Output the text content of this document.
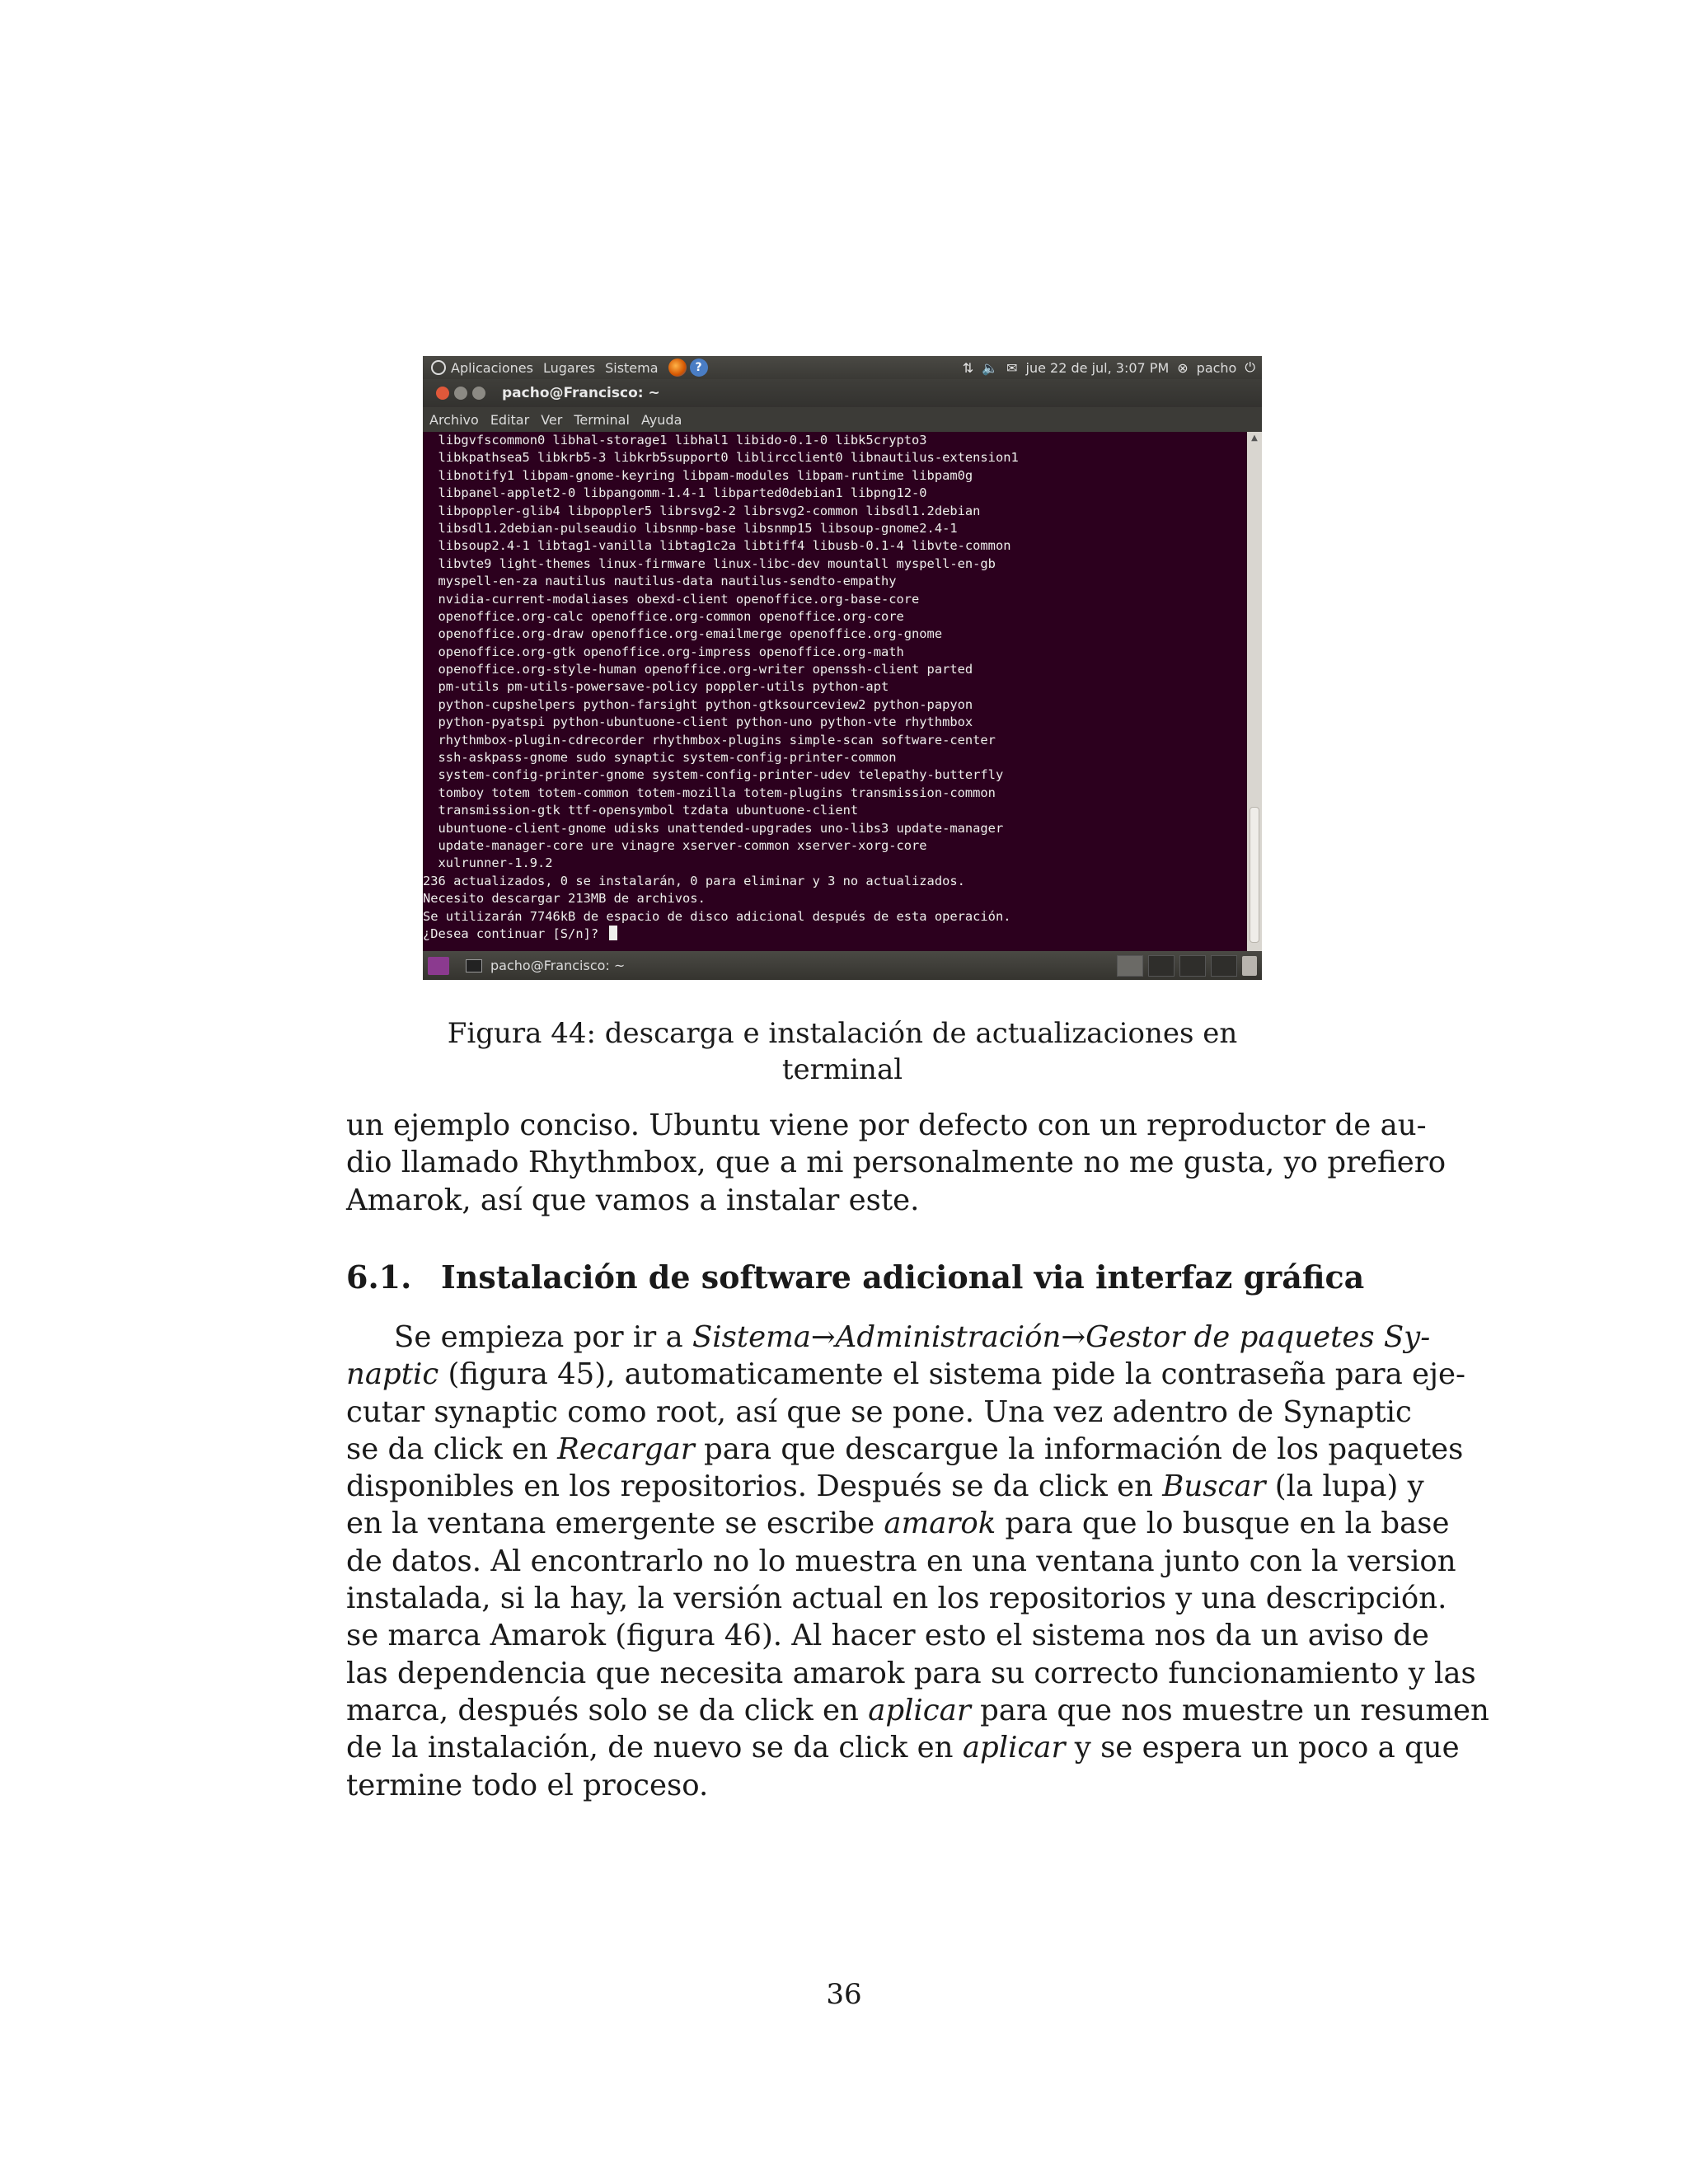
Aplicaciones Lugares Sistema	?	⇅ 🔈 ✉ jue 22 de jul, 3:07 PM ⊗ pacho ⏻
pacho@Francisco: ~
Archivo Editar Ver Terminal Ayuda
libgvfscommon0 libhal-storage1 libhal1 libido-0.1-0 libk5crypto3
libkpathsea5 libkrb5-3 libkrb5support0 liblircclient0 libnautilus-extension1
libnotify1 libpam-gnome-keyring libpam-modules libpam-runtime libpam0g
libpanel-applet2-0 libpangomm-1.4-1 libparted0debian1 libpng12-0
libpoppler-glib4 libpoppler5 librsvg2-2 librsvg2-common libsdl1.2debian
libsdl1.2debian-pulseaudio libsnmp-base libsnmp15 libsoup-gnome2.4-1
libsoup2.4-1 libtag1-vanilla libtag1c2a libtiff4 libusb-0.1-4 libvte-common
libvte9 light-themes linux-firmware linux-libc-dev mountall myspell-en-gb
myspell-en-za nautilus nautilus-data nautilus-sendto-empathy
nvidia-current-modaliases obexd-client openoffice.org-base-core
openoffice.org-calc openoffice.org-common openoffice.org-core
openoffice.org-draw openoffice.org-emailmerge openoffice.org-gnome
openoffice.org-gtk openoffice.org-impress openoffice.org-math
openoffice.org-style-human openoffice.org-writer openssh-client parted
pm-utils pm-utils-powersave-policy poppler-utils python-apt
python-cupshelpers python-farsight python-gtksourceview2 python-papyon
python-pyatspi python-ubuntuone-client python-uno python-vte rhythmbox
rhythmbox-plugin-cdrecorder rhythmbox-plugins simple-scan software-center
ssh-askpass-gnome sudo synaptic system-config-printer-common
system-config-printer-gnome system-config-printer-udev telepathy-butterfly
tomboy totem totem-common totem-mozilla totem-plugins transmission-common
transmission-gtk ttf-opensymbol tzdata ubuntuone-client
ubuntuone-client-gnome udisks unattended-upgrades uno-libs3 update-manager
update-manager-core ure vinagre xserver-common xserver-xorg-core
xulrunner-1.9.2
236 actualizados, 0 se instalarán, 0 para eliminar y 3 no actualizados.
Necesito descargar 213MB de archivos.
Se utilizarán 7746kB de espacio de disco adicional después de esta operación.
¿Desea continuar [S/n]?
▲
pacho@Francisco: ~
Figura 44: descarga e instalación de actualizaciones en terminal
un ejemplo conciso. Ubuntu viene por defecto con un reproductor de au-
dio llamado Rhythmbox, que a mi personalmente no me gusta, yo prefiero
Amarok, así que vamos a instalar este.
6.1. Instalación de software adicional via interfaz gráfica
Se empieza por ir a Sistema→Administración→Gestor de paquetes Sy-
naptic (figura 45), automaticamente el sistema pide la contraseña para eje-
cutar synaptic como root, así que se pone. Una vez adentro de Synaptic
se da click en Recargar para que descargue la información de los paquetes
disponibles en los repositorios. Después se da click en Buscar (la lupa) y
en la ventana emergente se escribe amarok para que lo busque en la base
de datos. Al encontrarlo no lo muestra en una ventana junto con la version
instalada, si la hay, la versión actual en los repositorios y una descripción.
se marca Amarok (figura 46). Al hacer esto el sistema nos da un aviso de
las dependencia que necesita amarok para su correcto funcionamiento y las
marca, después solo se da click en aplicar para que nos muestre un resumen
de la instalación, de nuevo se da click en aplicar y se espera un poco a que
termine todo el proceso.
36
